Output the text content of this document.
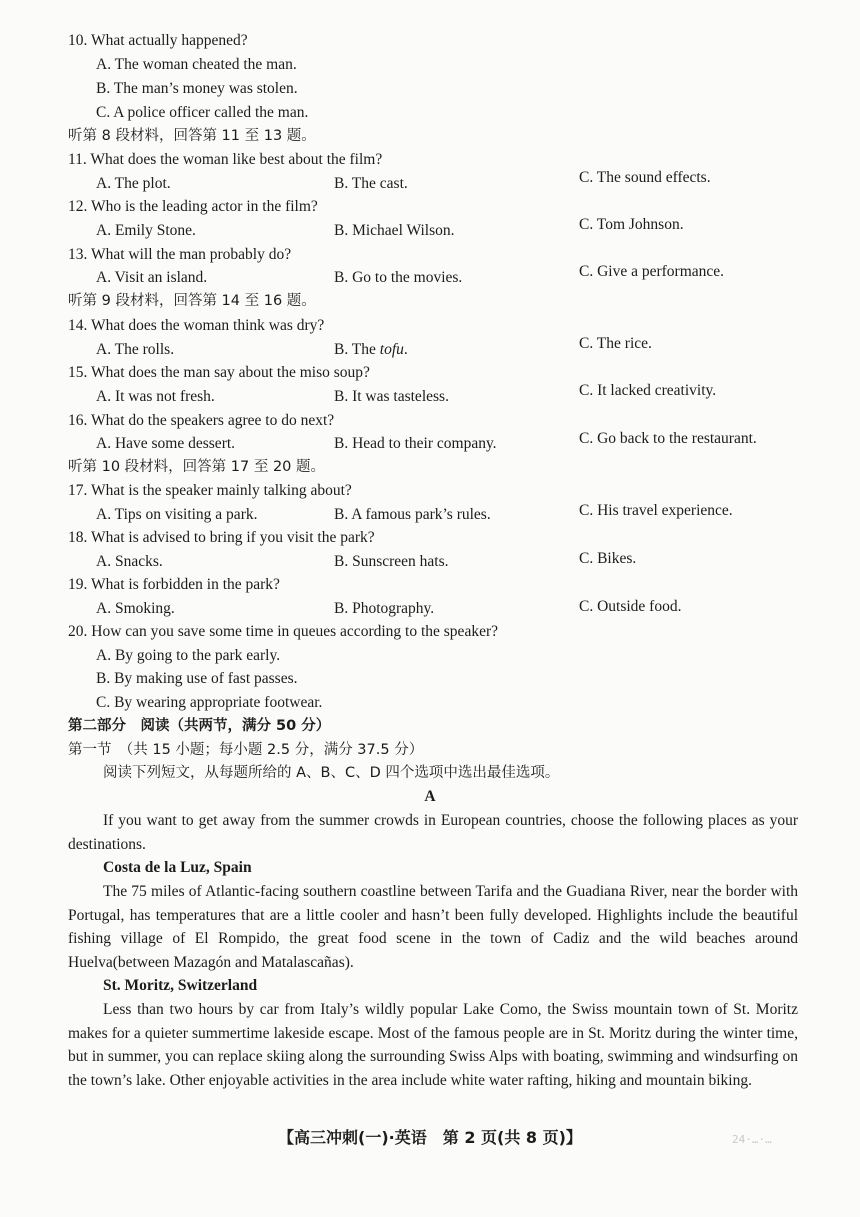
10. What actually happened?
A. The woman cheated the man.
B. The man’s money was stolen.
C. A police officer called the man.
听第 8 段材料，回答第 11 至 13 题。
11. What does the woman like best about the film?
A. The plot.	B. The cast.	C. The sound effects.
12. Who is the leading actor in the film?
A. Emily Stone.	B. Michael Wilson.	C. Tom Johnson.
13. What will the man probably do?
A. Visit an island.	B. Go to the movies.	C. Give a performance.
听第 9 段材料，回答第 14 至 16 题。
14. What does the woman think was dry?
A. The rolls.	B. The tofu.	C. The rice.
15. What does the man say about the miso soup?
A. It was not fresh.	B. It was tasteless.	C. It lacked creativity.
16. What do the speakers agree to do next?
A. Have some dessert.	B. Head to their company.	C. Go back to the restaurant.
听第 10 段材料，回答第 17 至 20 题。
17. What is the speaker mainly talking about?
A. Tips on visiting a park.	B. A famous park’s rules.	C. His travel experience.
18. What is advised to bring if you visit the park?
A. Snacks.	B. Sunscreen hats.	C. Bikes.
19. What is forbidden in the park?
A. Smoking.	B. Photography.	C. Outside food.
20. How can you save some time in queues according to the speaker?
A. By going to the park early.
B. By making use of fast passes.
C. By wearing appropriate footwear.
第二部分　阅读（共两节，满分 50 分）
第一节　（共 15 小题；每小题 2.5 分，满分 37.5 分）
阅读下列短文，从每题所给的 A、B、C、D 四个选项中选出最佳选项。
A
If you want to get away from the summer crowds in European countries, choose the following places as your destinations.
Costa de la Luz, Spain
The 75 miles of Atlantic-facing southern coastline between Tarifa and the Guadiana River, near the border with Portugal, has temperatures that are a little cooler and hasn’t been fully developed. Highlights include the beautiful fishing village of El Rompido, the great food scene in the town of Cadiz and the wild beaches around Huelva(between Mazagón and Matalascañas).
St. Moritz, Switzerland
Less than two hours by car from Italy’s wildly popular Lake Como, the Swiss mountain town of St. Moritz makes for a quieter summertime lakeside escape. Most of the famous people are in St. Moritz during the winter time, but in summer, you can replace skiing along the surrounding Swiss Alps with boating, swimming and windsurfing on the town’s lake. Other enjoyable activities in the area include white water rafting, hiking and mountain biking.
【高三冲刺(一)·英语　第 2 页(共 8 页)】	24·…·…
